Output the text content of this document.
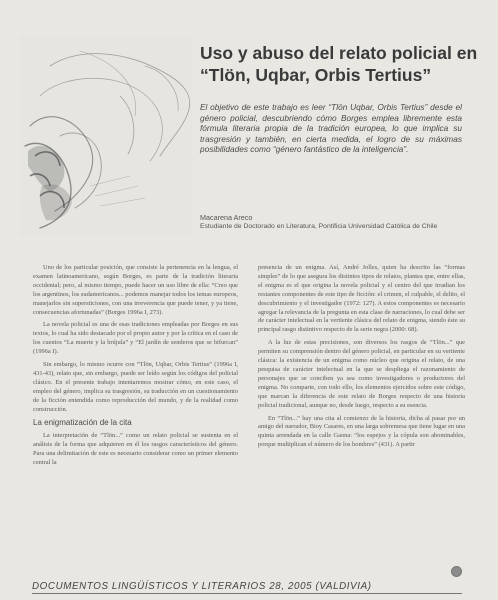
Uso y abuso del relato policial en
“Tlön, Uqbar, Orbis Tertius”
El objetivo de este trabajo es leer “Tlön Uqbar, Orbis Tertius” desde el género policial, descubriendo cómo Borges emplea libremente esta fórmula literaria propia de la tradición europea, lo que implica su trasgresión y también, en cierta medida, el logro de su máximas posibilidades como “género fantástico de la inteligencia”.
Macarena Areco
Estudiante de Doctorado en Literatura, Pontificia Universidad Católica de Chile

Uno de los particular posición, que consiste la pertenencia en la lengua, el examen latinoamericano, según Borges, es parte de la tradición literaria occidental; pero, al mismo tiempo, puede hacer un uso libre de ella: “Creo que los argentinos, los sudamericanos... podemos manejar todos los temas europeos, manejarlos sin supersticiones, con una irreverencia que puede tener, y ya tiene, consecuencias afortunadas” (Borges 1996a I, 273).

La novela policial es una de esas tradiciones empleadas por Borges en sus textos, lo cual ha sido destacado por el propio autor y por la crítica en el caso de los cuentos “La muerte y la brújula” y “El jardín de senderos que se bifurcan” (1996a I).

Sin embargo, lo mismo ocurre con “Tlön, Uqbar, Orbis Tertius” (1996a I, 431-43), relato que, sin embargo, puede ser leído según los códigos del policial clásico. En el presente trabajo intentaremos mostrar cómo, en este caso, el empleo del género, implica su trasgresión, su traducción en un cuestionamiento de la ficción entendida como reproducción del mundo, y de la realidad como construcción.

La enigmatización de la cita

La interpretación de “Tlön...” como un relato policial se sustenta en el análisis de la forma que adquieren en él los rasgos característicos del género. Para una delimitación de este es necesario considerar como un primer elemento central la

presencia de un enigma. Así, André Jolles, quien ha descrito las “formas simples” de lo que asegura los distintos tipos de relatos, plantea que, entre ellas, el enigma es el que origina la novela policial y el centro del que irradian los restantes componentes de este tipo de ficción: el crimen, el culpable, el delito, el descubrimiento y el investigador (1972: 127). A estos componentes es necesario agregar la relevancia de la pregunta en esta clase de narraciones, lo cual debe ser de carácter intelectual en la vertiente clásica del relato de enigma, siendo éste su principal rasgo distintivo respecto de la serie negra (2000: 68).

A la luz de estas precisiones, son diversos los rasgos de “Tlön...” que permiten su comprensión dentro del género policial, en particular en su vertiente clásica: la existencia de un enigma como núcleo que origina el relato, de una pesquisa de carácter intelectual en la que se despliega el razonamiento de personajes que se conciben ya sea como investigadores o productores del enigma. No comparte, con todo ello, los elementos ejercidos sobre este código, que marcan la diferencia de este relato de Borges respecto de una historia policial tradicional, aunque no, desde luego, respecto a su esencia.

En “Tlön...” hay una cita al comienzo de la historia, dicha al pasar por un amigo del narrador, Bioy Casares, en una larga sobremesa que tiene lugar en una quinta arrendada en la calle Gaona: “los espejos y la cópula son abominables, porque multiplican el número de los hombres” (431). A partir

DOCUMENTOS LINGÜÍSTICOS Y LITERARIOS 28, 2005 (VALDIVIA)
